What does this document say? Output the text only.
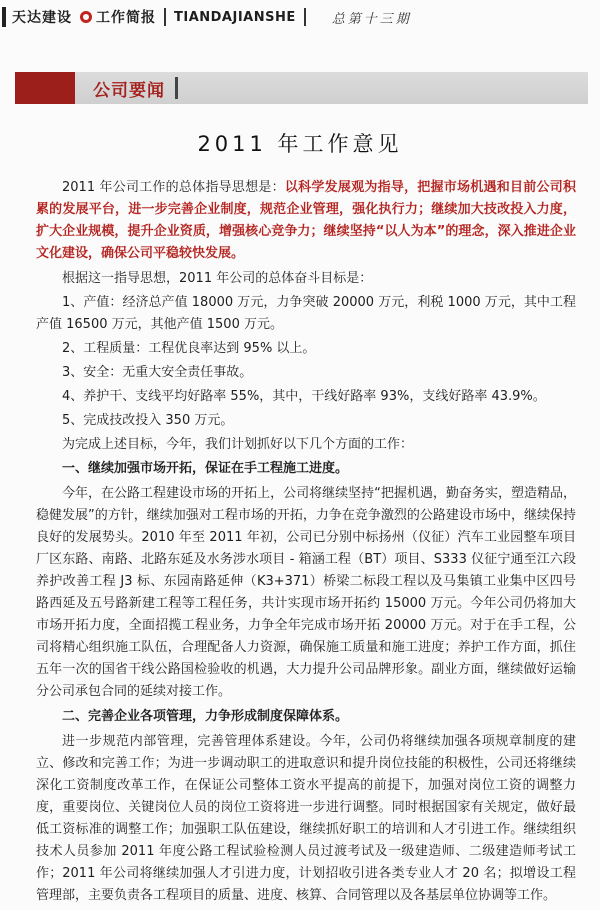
天达建设 工作简报 TIANDAJIANSHE	总第十三期
公司要闻
2011 年工作意见

2011 年公司工作的总体指导思想是：以科学发展观为指导，把握市场机遇和目前公司积累的发展平台，进一步完善企业制度，规范企业管理，强化执行力；继续加大技改投入力度，扩大企业规模，提升企业资质，增强核心竞争力；继续坚持“以人为本”的理念，深入推进企业文化建设，确保公司平稳较快发展。

根据这一指导思想，2011 年公司的总体奋斗目标是：

1、产值：经济总产值 18000 万元，力争突破 20000 万元，利税 1000 万元，其中工程产值 16500 万元，其他产值 1500 万元。

2、工程质量：工程优良率达到 95% 以上。

3、安全：无重大安全责任事故。

4、养护干、支线平均好路率 55%，其中，干线好路率 93%，支线好路率 43.9%。

5、完成技改投入 350 万元。

为完成上述目标，今年，我们计划抓好以下几个方面的工作：

一、继续加强市场开拓，保证在手工程施工进度。

今年，在公路工程建设市场的开拓上，公司将继续坚持“把握机遇，勤奋务实，塑造精品，稳健发展”的方针，继续加强对工程市场的开拓，力争在竞争激烈的公路建设市场中，继续保持良好的发展势头。2010 年至 2011 年初，公司已分别中标扬州（仪征）汽车工业园整车项目厂区东路、南路、北路东延及水务涉水项目 - 箱涵工程（BT）项目、S333 仪征宁通至江六段养护改善工程 J3 标、东园南路延伸（K3+371）桥梁二标段工程以及马集镇工业集中区四号路西延及五号路新建工程等工程任务，共计实现市场开拓约 15000 万元。今年公司仍将加大市场开拓力度，全面招揽工程业务，力争全年完成市场开拓 20000 万元。对于在手工程，公司将精心组织施工队伍，合理配备人力资源，确保施工质量和施工进度；养护工作方面，抓住五年一次的国省干线公路国检验收的机遇，大力提升公司品牌形象。副业方面，继续做好运输分公司承包合同的延续对接工作。

二、完善企业各项管理，力争形成制度保障体系。

进一步规范内部管理，完善管理体系建设。今年，公司仍将继续加强各项规章制度的建立、修改和完善工作；为进一步调动职工的进取意识和提升岗位技能的积极性，公司还将继续深化工资制度改革工作，在保证公司整体工资水平提高的前提下，加强对岗位工资的调整力度，重要岗位、关键岗位人员的岗位工资将进一步进行调整。同时根据国家有关规定，做好最低工资标准的调整工作；加强职工队伍建设，继续抓好职工的培训和人才引进工作。继续组织技术人员参加 2011 年度公路工程试验检测人员过渡考试及一级建造师、二级建造师考试工作；2011 年公司将继续加强人才引进力度，计划招收引进各类专业人才 20 名；拟增设工程管理部，主要负责各工程项目的质量、进度、核算、合同管理以及各基层单位协调等工作。
